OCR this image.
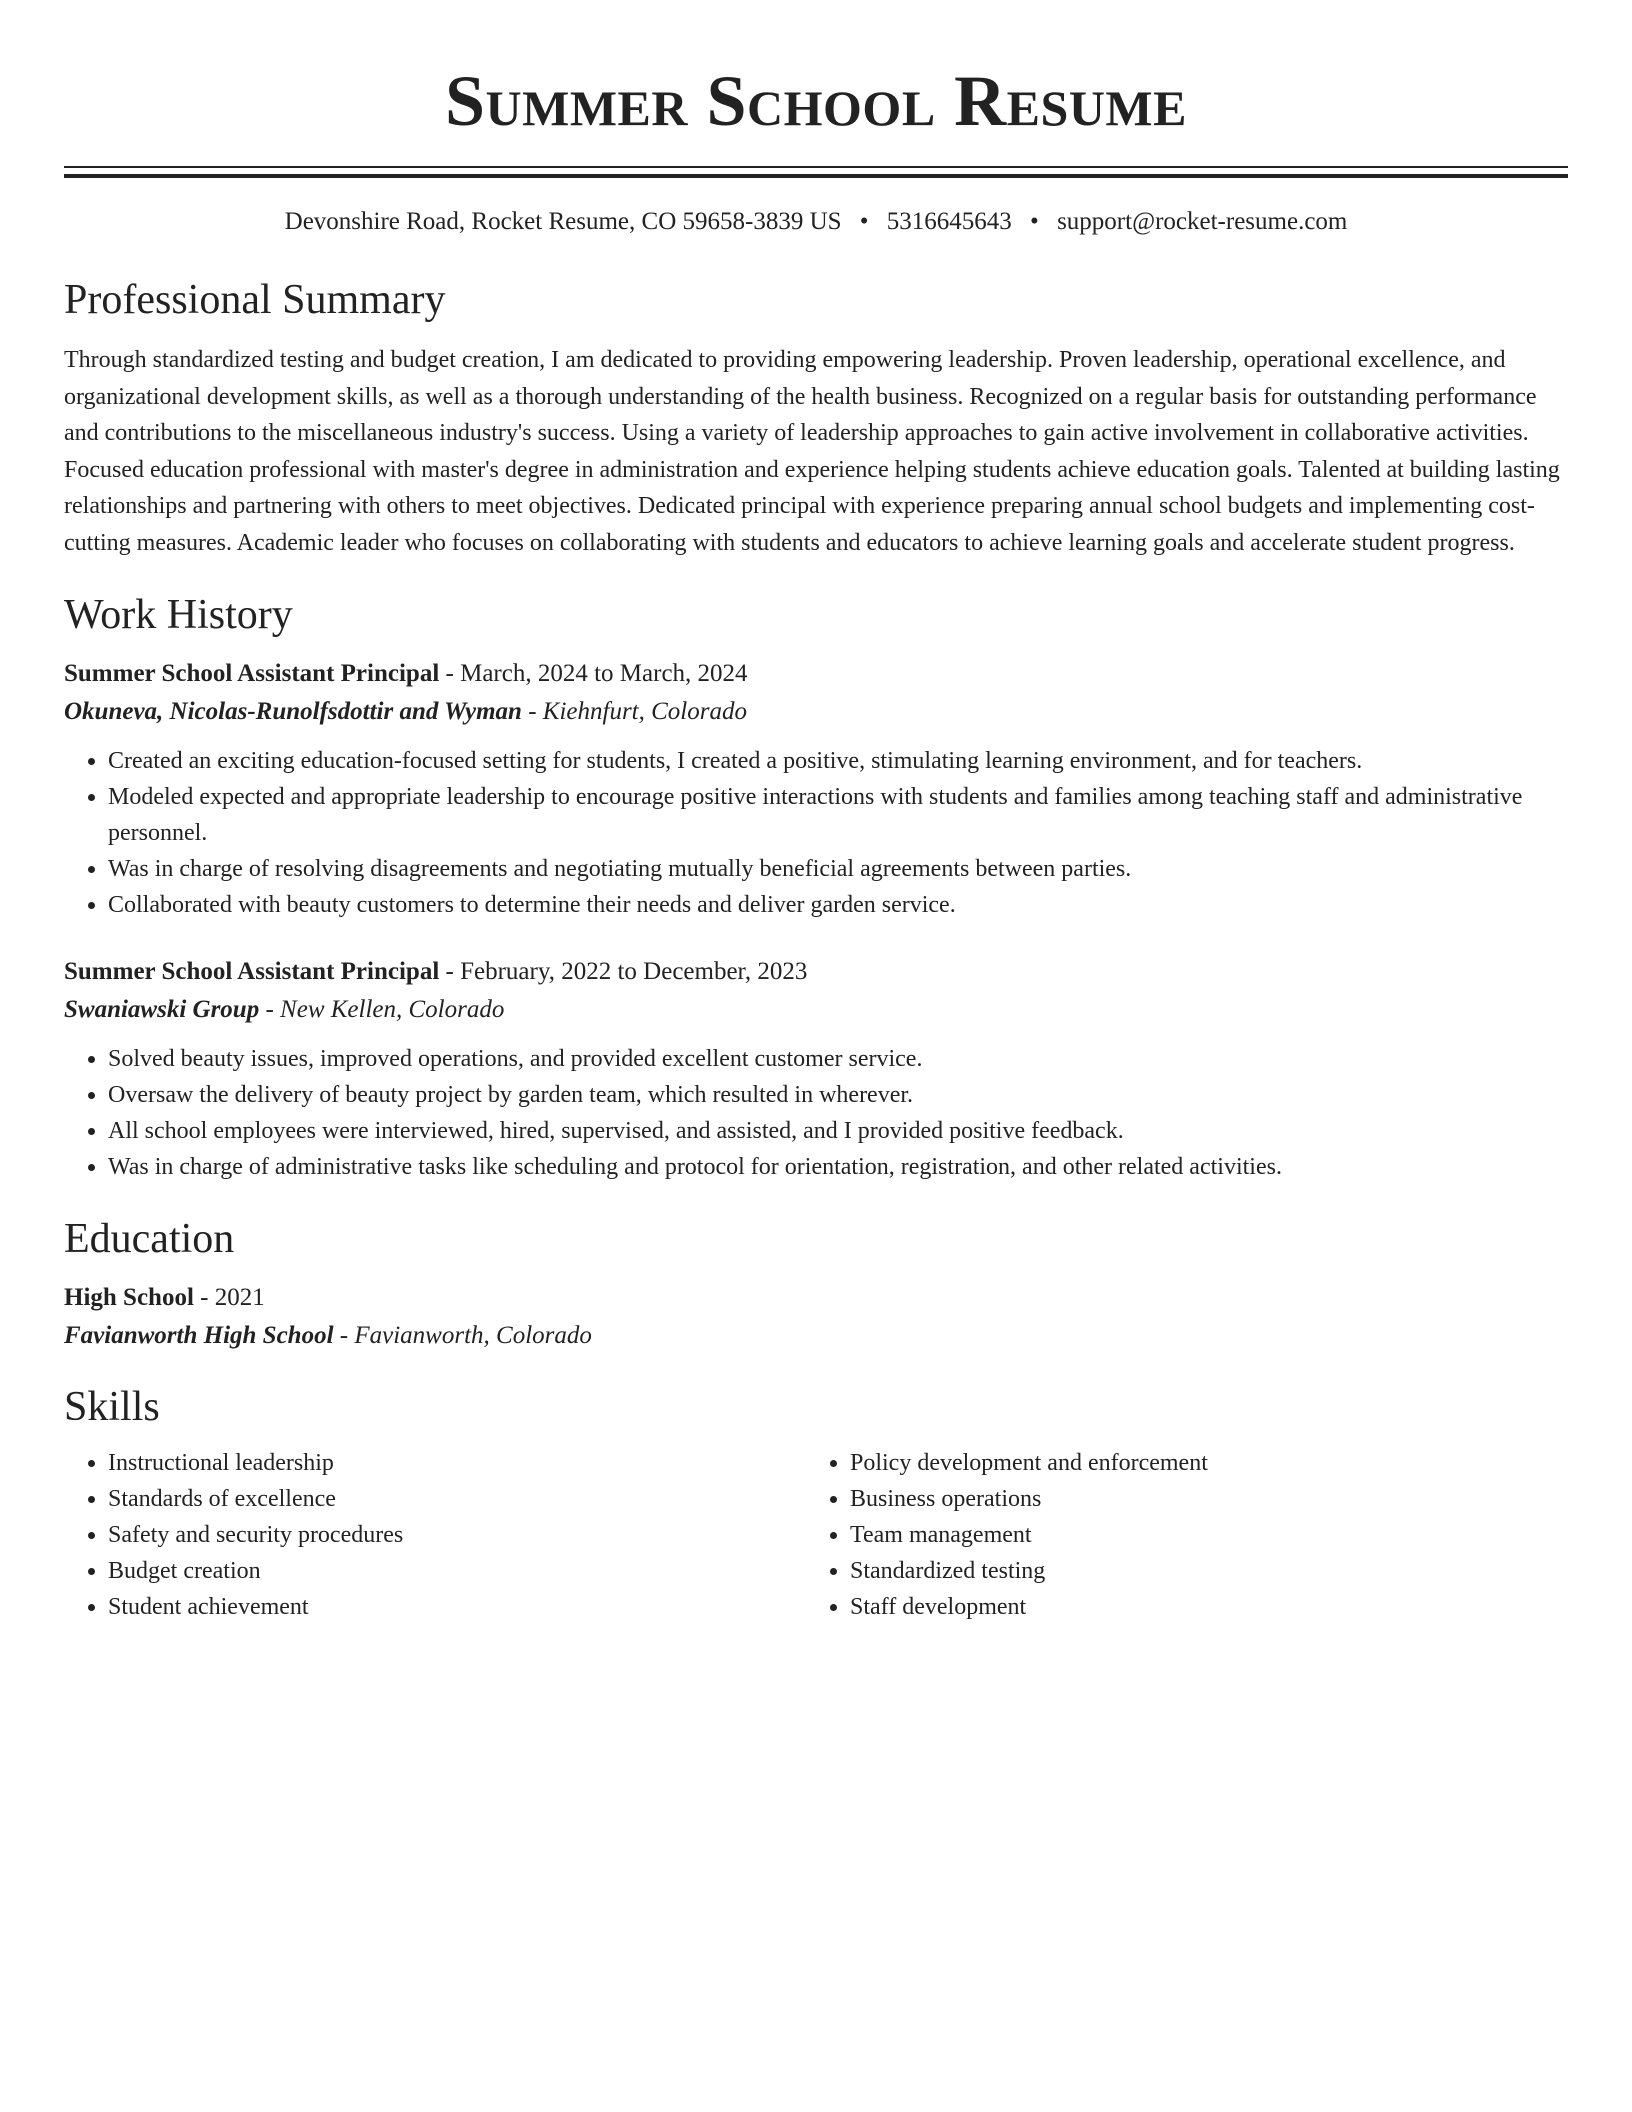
Summer School Resume
Devonshire Road, Rocket Resume, CO 59658-3839 US • 5316645643 • support@rocket-resume.com
Professional Summary

Through standardized testing and budget creation, I am dedicated to providing empowering leadership. Proven leadership, operational excellence, and organizational development skills, as well as a thorough understanding of the health business. Recognized on a regular basis for outstanding performance and contributions to the miscellaneous industry's success. Using a variety of leadership approaches to gain active involvement in collaborative activities. Focused education professional with master's degree in administration and experience helping students achieve education goals. Talented at building lasting relationships and partnering with others to meet objectives. Dedicated principal with experience preparing annual school budgets and implementing cost-cutting measures. Academic leader who focuses on collaborating with students and educators to achieve learning goals and accelerate student progress.

Work History
Summer School Assistant Principal - March, 2024 to March, 2024
Okuneva, Nicolas-Runolfsdottir and Wyman - Kiehnfurt, Colorado
• Created an exciting education-focused setting for students, I created a positive, stimulating learning environment, and for teachers.
• Modeled expected and appropriate leadership to encourage positive interactions with students and families among teaching staff and administrative personnel.
• Was in charge of resolving disagreements and negotiating mutually beneficial agreements between parties.
• Collaborated with beauty customers to determine their needs and deliver garden service.
Summer School Assistant Principal - February, 2022 to December, 2023
Swaniawski Group - New Kellen, Colorado
• Solved beauty issues, improved operations, and provided excellent customer service.
• Oversaw the delivery of beauty project by garden team, which resulted in wherever.
• All school employees were interviewed, hired, supervised, and assisted, and I provided positive feedback.
• Was in charge of administrative tasks like scheduling and protocol for orientation, registration, and other related activities.
Education
High School - 2021
Favianworth High School - Favianworth, Colorado
Skills
• Instructional leadership
• Standards of excellence
• Safety and security procedures
• Budget creation
• Student achievement
• Policy development and enforcement
• Business operations
• Team management
• Standardized testing
• Staff development
